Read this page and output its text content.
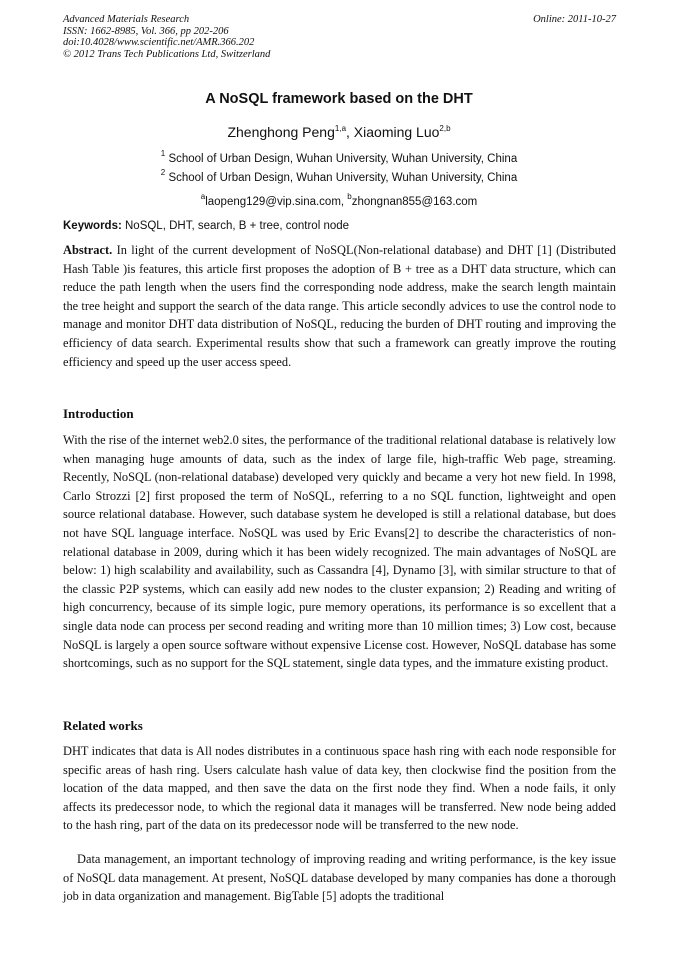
Advanced Materials Research
ISSN: 1662-8985, Vol. 366, pp 202-206
doi:10.4028/www.scientific.net/AMR.366.202
© 2012 Trans Tech Publications Ltd, Switzerland
Online: 2011-10-27
A NoSQL framework based on the DHT
Zhenghong Peng$^{1,a}$, Xiaoming Luo$^{2,b}$
$^1$ School of Urban Design, Wuhan University, Wuhan University, China
$^2$ School of Urban Design, Wuhan University, Wuhan University, China
$^a$laopeng129@vip.sina.com, $^b$zhongnan855@163.com
Keywords: NoSQL, DHT, search, B + tree, control node
Abstract. In light of the current development of NoSQL(Non-relational database) and DHT [1] (Distributed Hash Table )is features, this article first proposes the adoption of B + tree as a DHT data structure, which can reduce the path length when the users find the corresponding node address, make the search length maintain the tree height and support the search of the data range. This article secondly advices to use the control node to manage and monitor DHT data distribution of NoSQL, reducing the burden of DHT routing and improving the efficiency of data search. Experimental results show that such a framework can greatly improve the routing efficiency and speed up the user access speed.
Introduction
With the rise of the internet web2.0 sites, the performance of the traditional relational database is relatively low when managing huge amounts of data, such as the index of large file, high-traffic Web page, streaming. Recently, NoSQL (non-relational database) developed very quickly and became a very hot new field. In 1998, Carlo Strozzi [2] first proposed the term of NoSQL, referring to a no SQL function, lightweight and open source relational database. However, such database system he developed is still a relational database, but does not have SQL language interface. NoSQL was used by Eric Evans[2] to describe the characteristics of non-relational database in 2009, during which it has been widely recognized. The main advantages of NoSQL are below: 1) high scalability and availability, such as Cassandra [4], Dynamo [3], with similar structure to that of the classic P2P systems, which can easily add new nodes to the cluster expansion; 2) Reading and writing of high concurrency, because of its simple logic, pure memory operations, its performance is so excellent that a single data node can process per second reading and writing more than 10 million times; 3) Low cost, because NoSQL is largely a open source software without expensive License cost. However, NoSQL database has some shortcomings, such as no support for the SQL statement, single data types, and the immature existing product.
Related works
DHT indicates that data is All nodes distributes in a continuous space hash ring with each node responsible for specific areas of hash ring. Users calculate hash value of data key, then clockwise find the position from the location of the data mapped, and then save the data on the first node they find. When a node fails, it only affects its predecessor node, to which the regional data it manages will be transferred. New node being added to the hash ring, part of the data on its predecessor node will be transferred to the new node.
Data management, an important technology of improving reading and writing performance, is the key issue of NoSQL data management. At present, NoSQL database developed by many companies has done a thorough job in data organization and management. BigTable [5] adopts the traditional
